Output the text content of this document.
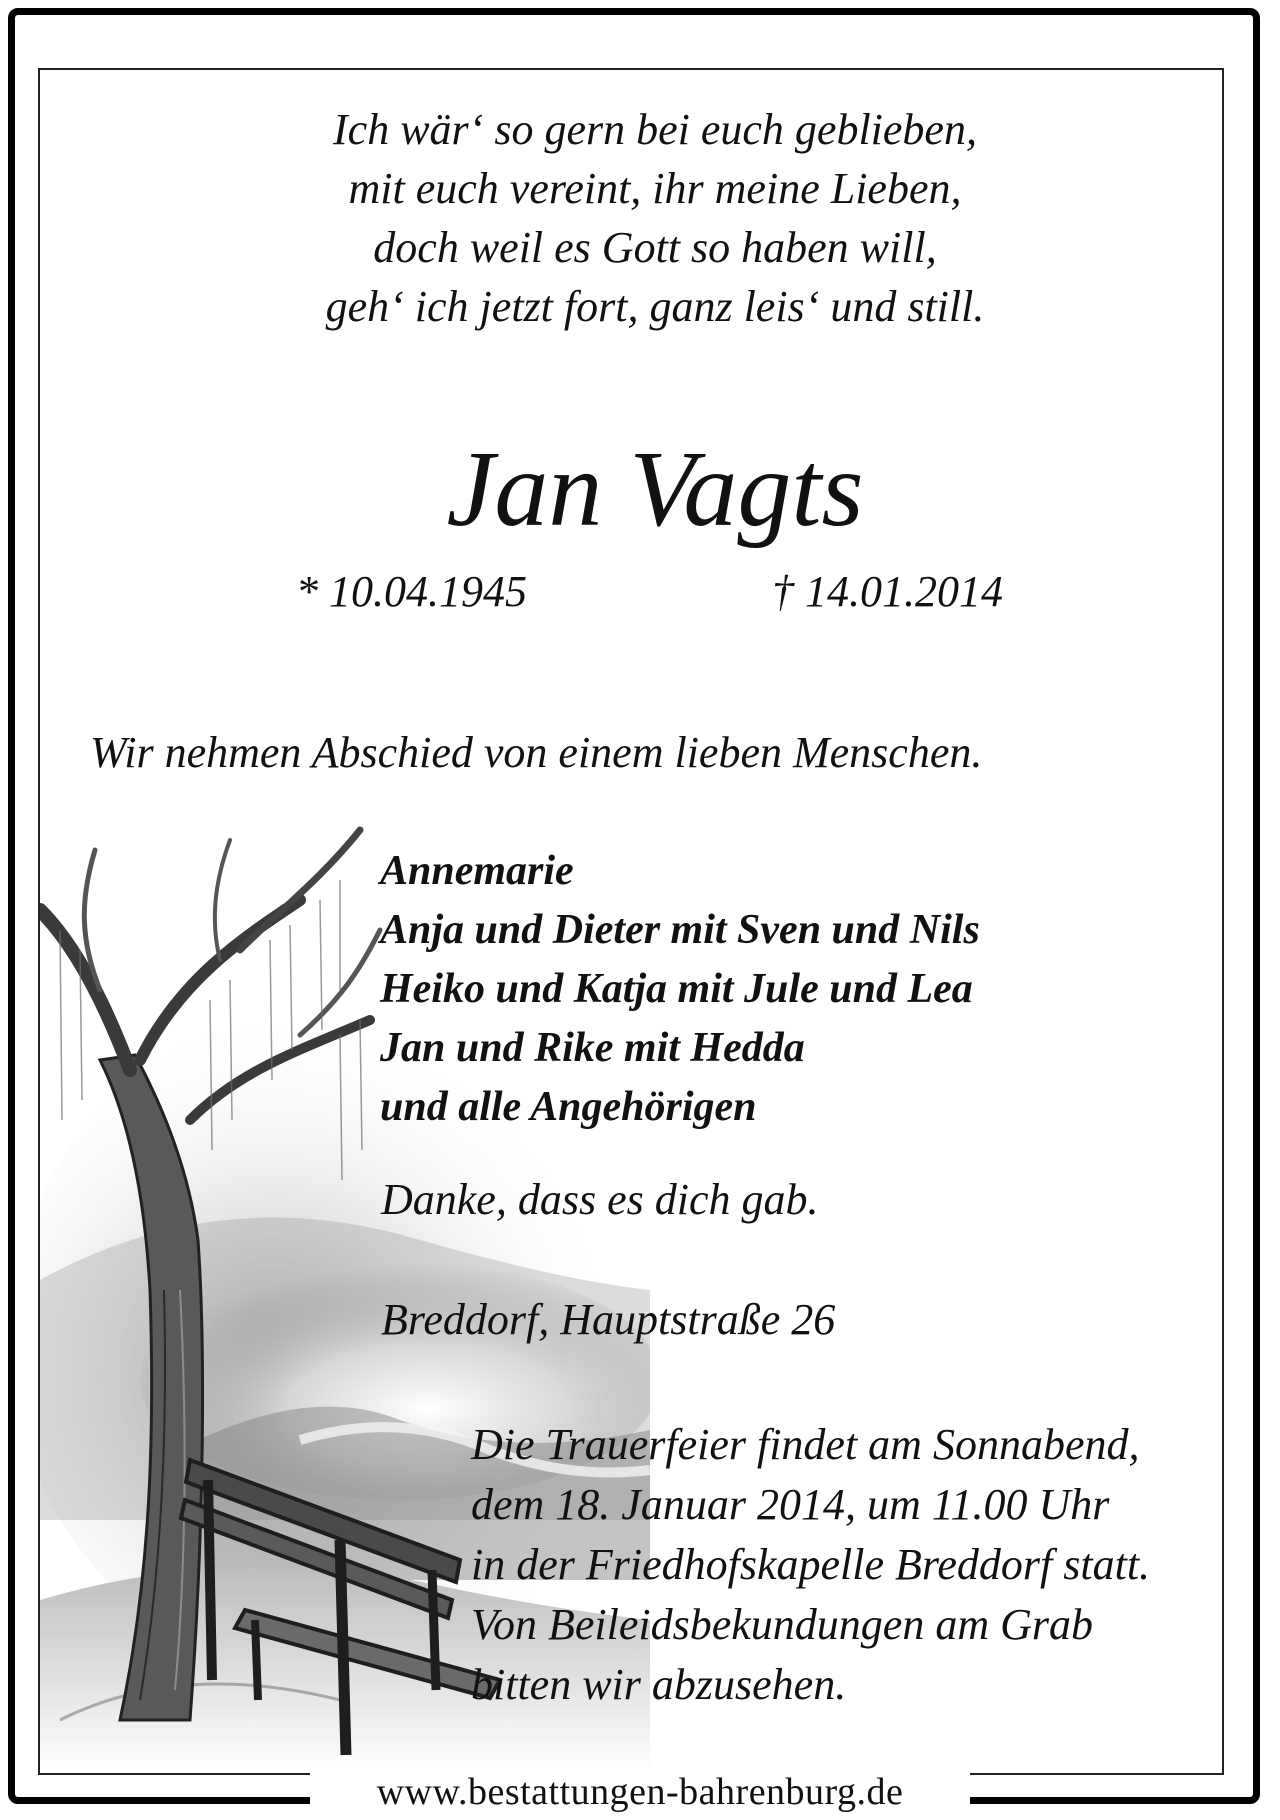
Ich wär‘ so gern bei euch geblieben,
mit euch vereint, ihr meine Lieben,
doch weil es Gott so haben will,
geh‘ ich jetzt fort, ganz leis‘ und still.
Jan Vagts
* 10.04.1945	† 14.01.2014
Wir nehmen Abschied von einem lieben Menschen.
Annemarie
Anja und Dieter mit Sven und Nils
Heiko und Katja mit Jule und Lea
Jan und Rike mit Hedda
und alle Angehörigen
Danke, dass es dich gab.
Breddorf, Hauptstraße 26
Die Trauerfeier findet am Sonnabend,
dem 18. Januar 2014, um 11.00 Uhr
in der Friedhofskapelle Breddorf statt.
Von Beileidsbekundungen am Grab
bitten wir abzusehen.
www.bestattungen-bahrenburg.de
